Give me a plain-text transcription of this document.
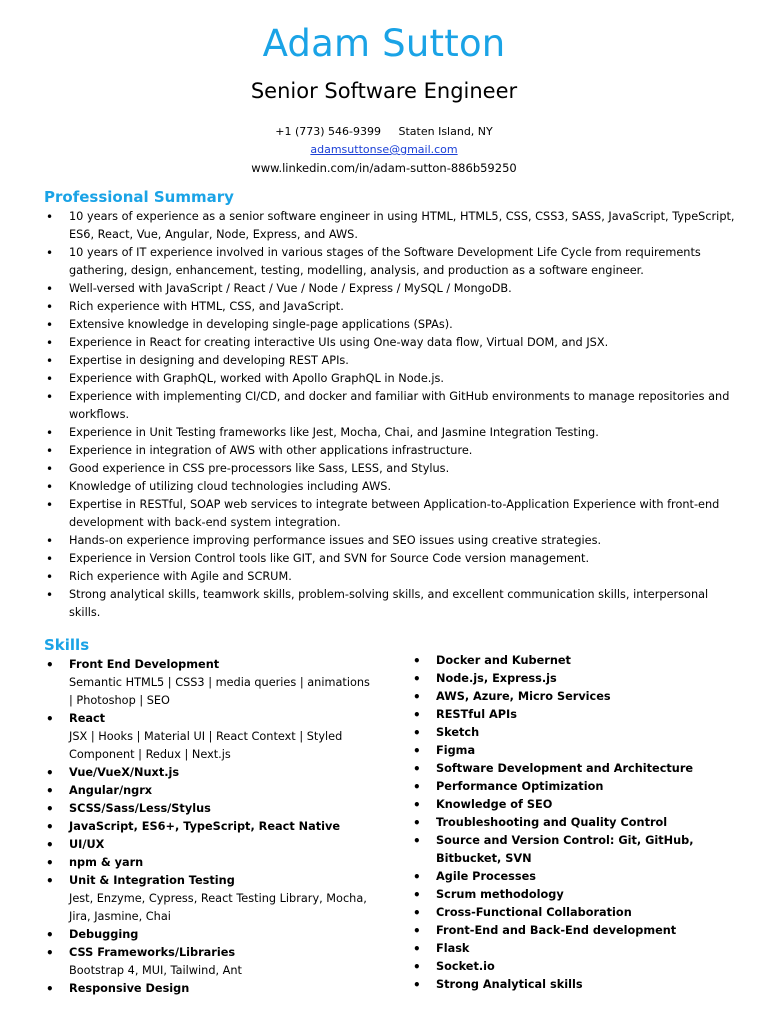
Adam Sutton
Senior Software Engineer
+1 (773) 546-9399 Staten Island, NY
adamsuttonse@gmail.com
www.linkedin.com/in/adam-sutton-886b59250
Professional Summary
• 10 years of experience as a senior software engineer in using HTML, HTML5, CSS, CSS3, SASS, JavaScript, TypeScript, ES6, React, Vue, Angular, Node, Express, and AWS.
• 10 years of IT experience involved in various stages of the Software Development Life Cycle from requirements gathering, design, enhancement, testing, modelling, analysis, and production as a software engineer.
• Well-versed with JavaScript / React / Vue / Node / Express / MySQL / MongoDB.
• Rich experience with HTML, CSS, and JavaScript.
• Extensive knowledge in developing single-page applications (SPAs).
• Experience in React for creating interactive UIs using One-way data flow, Virtual DOM, and JSX.
• Expertise in designing and developing REST APIs.
• Experience with GraphQL, worked with Apollo GraphQL in Node.js.
• Experience with implementing CI/CD, and docker and familiar with GitHub environments to manage repositories and workflows.
• Experience in Unit Testing frameworks like Jest, Mocha, Chai, and Jasmine Integration Testing.
• Experience in integration of AWS with other applications infrastructure.
• Good experience in CSS pre-processors like Sass, LESS, and Stylus.
• Knowledge of utilizing cloud technologies including AWS.
• Expertise in RESTful, SOAP web services to integrate between Application-to-Application Experience with front-end development with back-end system integration.
• Hands-on experience improving performance issues and SEO issues using creative strategies.
• Experience in Version Control tools like GIT, and SVN for Source Code version management.
• Rich experience with Agile and SCRUM.
• Strong analytical skills, teamwork skills, problem-solving skills, and excellent communication skills, interpersonal skills.
Skills
• Front End Development
Semantic HTML5 | CSS3 | media queries | animations | Photoshop | SEO
• React
JSX | Hooks | Material UI | React Context | Styled Component | Redux | Next.js
• Vue/VueX/Nuxt.js
• Angular/ngrx
• SCSS/Sass/Less/Stylus
• JavaScript, ES6+, TypeScript, React Native
• UI/UX
• npm & yarn
• Unit & Integration Testing
Jest, Enzyme, Cypress, React Testing Library, Mocha, Jira, Jasmine, Chai
• Debugging
• CSS Frameworks/Libraries
Bootstrap 4, MUI, Tailwind, Ant
• Responsive Design
• Docker and Kubernet
• Node.js, Express.js
• AWS, Azure, Micro Services
• RESTful APIs
• Sketch
• Figma
• Software Development and Architecture
• Performance Optimization
• Knowledge of SEO
• Troubleshooting and Quality Control
• Source and Version Control: Git, GitHub, Bitbucket, SVN
• Agile Processes
• Scrum methodology
• Cross-Functional Collaboration
• Front-End and Back-End development
• Flask
• Socket.io
• Strong Analytical skills
